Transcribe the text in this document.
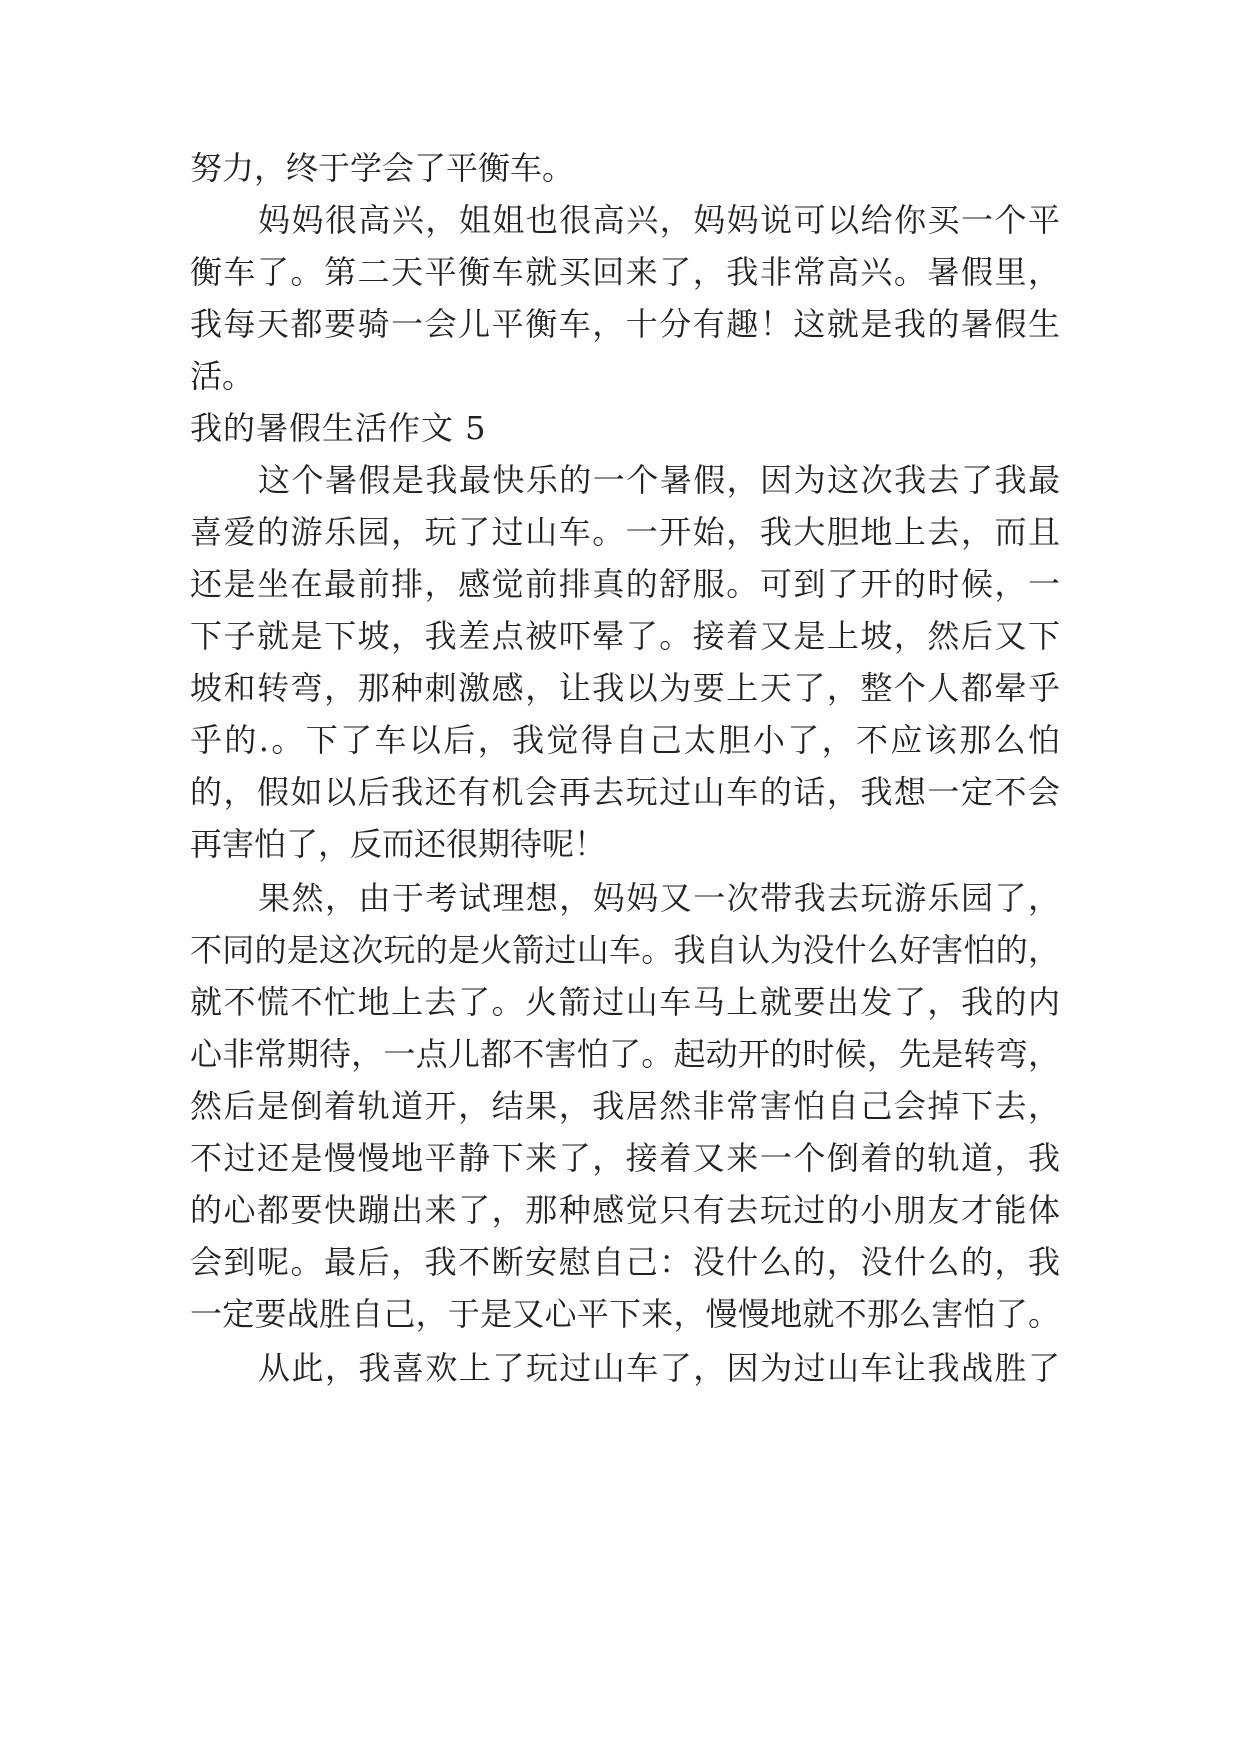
努力，终于学会了平衡车。

妈妈很高兴，姐姐也很高兴，妈妈说可以给你买一个平

衡车了。第二天平衡车就买回来了，我非常高兴。暑假里，

我每天都要骑一会儿平衡车，十分有趣！这就是我的暑假生

活。

我的暑假生活作文 5

这个暑假是我最快乐的一个暑假，因为这次我去了我最

喜爱的游乐园，玩了过山车。一开始，我大胆地上去，而且

还是坐在最前排，感觉前排真的舒服。可到了开的时候，一

下子就是下坡，我差点被吓晕了。接着又是上坡，然后又下

坡和转弯，那种刺激感，让我以为要上天了，整个人都晕乎

乎的.。下了车以后，我觉得自己太胆小了，不应该那么怕

的，假如以后我还有机会再去玩过山车的话，我想一定不会

再害怕了，反而还很期待呢！

果然，由于考试理想，妈妈又一次带我去玩游乐园了，

不同的是这次玩的是火箭过山车。我自认为没什么好害怕的，

就不慌不忙地上去了。火箭过山车马上就要出发了，我的内

心非常期待，一点儿都不害怕了。起动开的时候，先是转弯，

然后是倒着轨道开，结果，我居然非常害怕自己会掉下去，

不过还是慢慢地平静下来了，接着又来一个倒着的轨道，我

的心都要快蹦出来了，那种感觉只有去玩过的小朋友才能体

会到呢。最后，我不断安慰自己：没什么的，没什么的，我

一定要战胜自己，于是又心平下来，慢慢地就不那么害怕了。

从此，我喜欢上了玩过山车了，因为过山车让我战胜了
